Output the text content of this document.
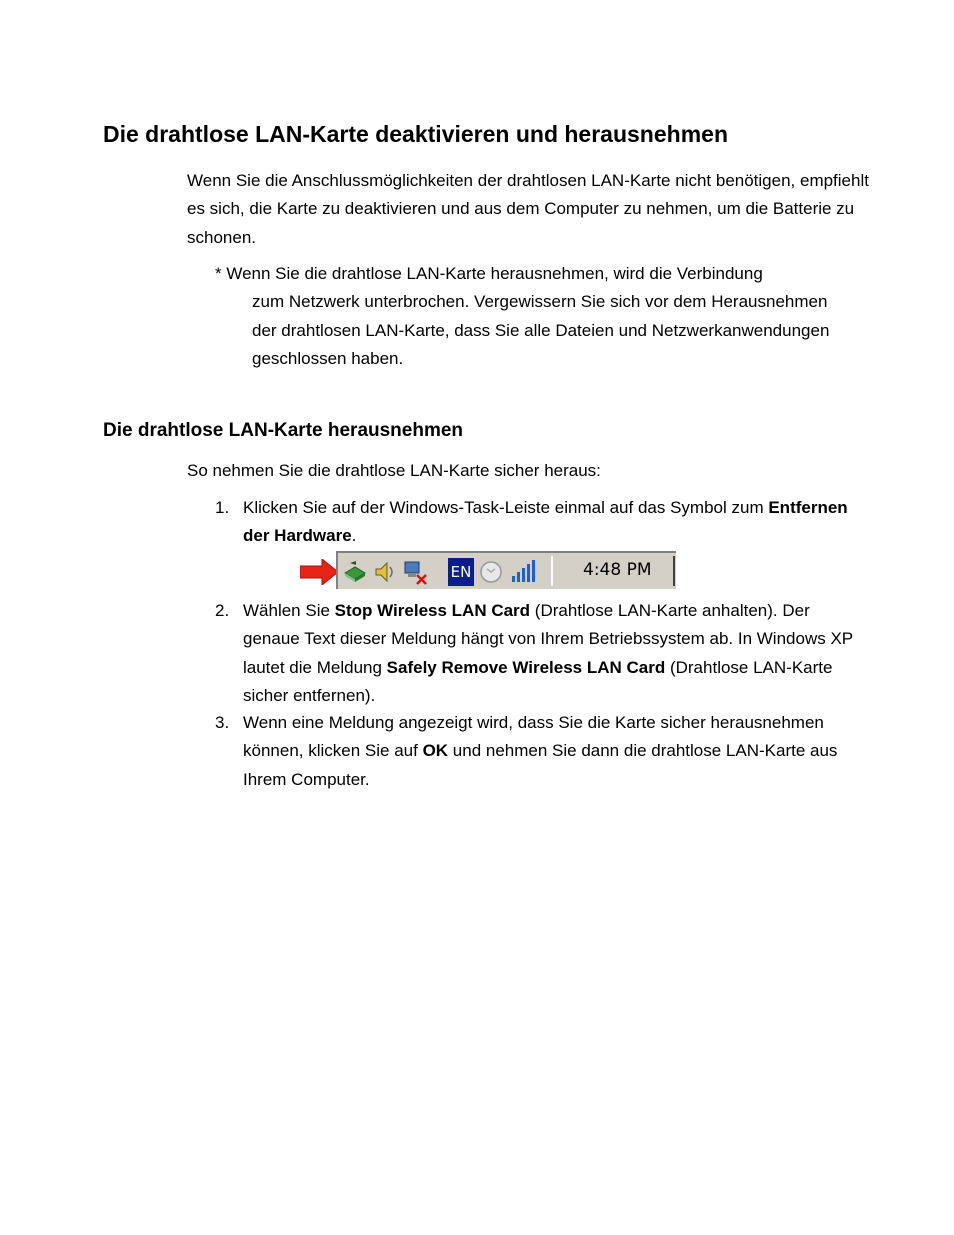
Die drahtlose LAN-Karte deaktivieren und herausnehmen

Wenn Sie die Anschlussmöglichkeiten der drahtlosen LAN-Karte nicht benötigen, empfiehlt es sich, die Karte zu deaktivieren und aus dem Computer zu nehmen, um die Batterie zu schonen.

* Wenn Sie die drahtlose LAN-Karte herausnehmen, wird die Verbindung
zum Netzwerk unterbrochen. Vergewissern Sie sich vor dem Herausnehmen der drahtlosen LAN-Karte, dass Sie alle Dateien und Netzwerkanwendungen geschlossen haben.

Die drahtlose LAN-Karte herausnehmen

So nehmen Sie die drahtlose LAN-Karte sicher heraus:

1. Klicken Sie auf der Windows-Task-Leiste einmal auf das Symbol zum Entfernen der Hardware.
EN	4:48 PM
2. Wählen Sie Stop Wireless LAN Card (Drahtlose LAN-Karte anhalten). Der genaue Text dieser Meldung hängt von Ihrem Betriebssystem ab. In Windows XP lautet die Meldung Safely Remove Wireless LAN Card (Drahtlose LAN-Karte sicher entfernen).
3. Wenn eine Meldung angezeigt wird, dass Sie die Karte sicher herausnehmen können, klicken Sie auf OK und nehmen Sie dann die drahtlose LAN-Karte aus Ihrem Computer.
